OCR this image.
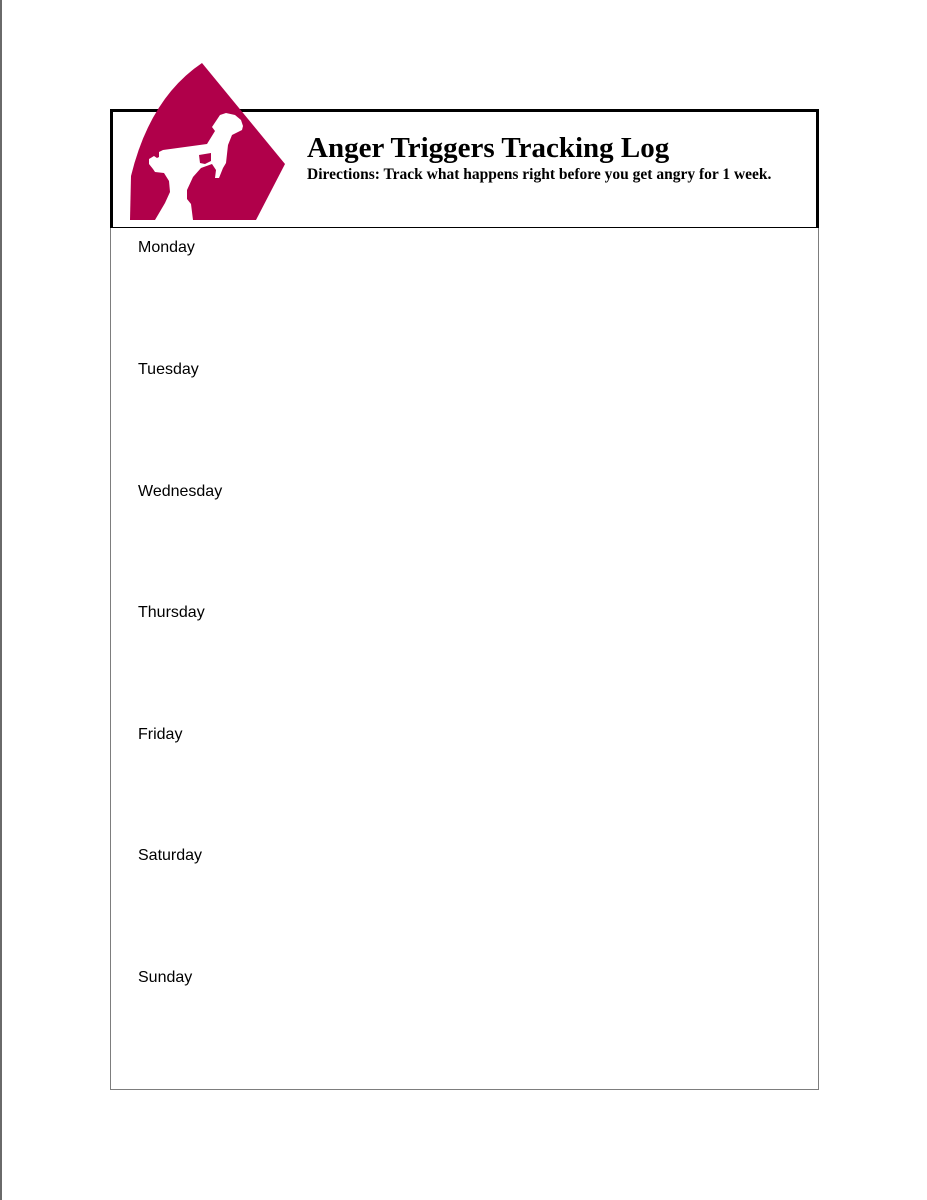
Anger Triggers Tracking Log

Directions: Track what happens right before you get angry for 1 week.

Monday
Tuesday
Wednesday
Thursday
Friday
Saturday
Sunday
